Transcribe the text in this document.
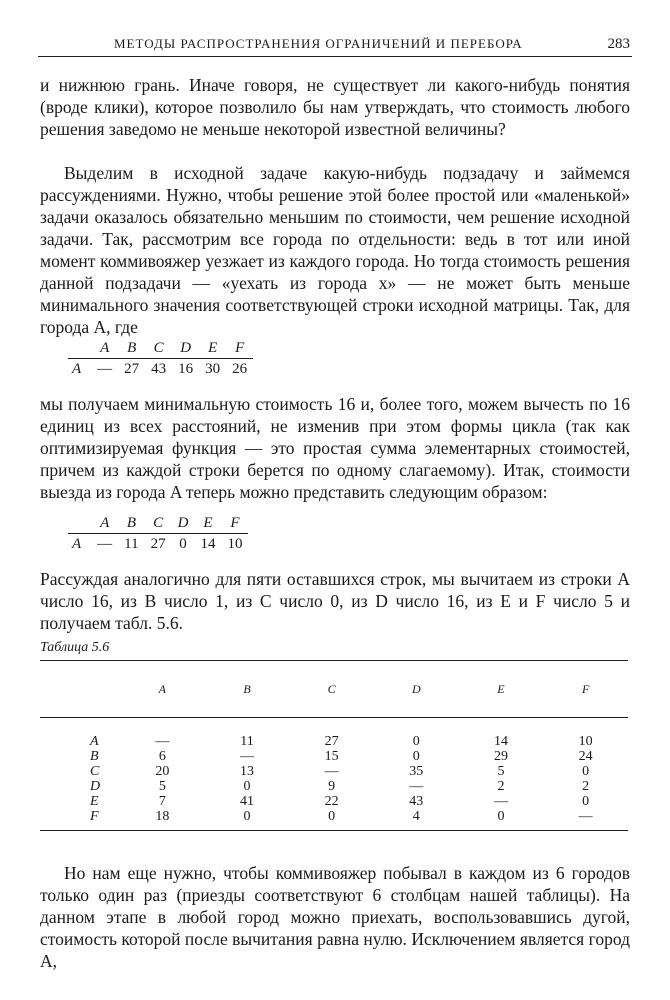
МЕТОДЫ РАСПРОСТРАНЕНИЯ ОГРАНИЧЕНИЙ И ПЕРЕБОРА	283

и нижнюю грань. Иначе говоря, не существует ли какого-нибудь понятия (вроде клики), которое позволило бы нам утверждать, что стоимость любого решения заведомо не меньше некоторой известной величины?

Выделим в исходной задаче какую-нибудь подзадачу и займемся рассуждениями. Нужно, чтобы решение этой более простой или «маленькой» задачи оказалось обязательно меньшим по стоимости, чем решение исходной задачи. Так, рассмотрим все города по отдельности: ведь в тот или иной момент коммивояжер уезжает из каждого города. Но тогда стоимость решения данной подзадачи — «уехать из города x» — не может быть меньше минимального значения соответствующей строки исходной матрицы. Так, для города A, где

	A	B	C	D	E	F
A	—	27	43	16	30	26

мы получаем минимальную стоимость 16 и, более того, можем вычесть по 16 единиц из всех расстояний, не изменив при этом формы цикла (так как оптимизируемая функция — это простая сумма элементарных стоимостей, причем из каждой строки берется по одному слагаемому). Итак, стоимости выезда из города A теперь можно представить следующим образом:

	A	B	C	D	E	F
A	—	11	27	0	14	10

Рассуждая аналогично для пяти оставшихся строк, мы вычитаем из строки A число 16, из B число 1, из C число 0, из D число 16, из E и F число 5 и получаем табл. 5.6.

Таблица 5.6
	A	B	C	D	E	F

A	—	11	27	0	14	10
B	6	—	15	0	29	24
C	20	13	—	35	5	0
D	5	0	9	—	2	2
E	7	41	22	43	—	0
F	18	0	0	4	0	—

Но нам еще нужно, чтобы коммивояжер побывал в каждом из 6 городов только один раз (приезды соответствуют 6 столбцам нашей таблицы). На данном этапе в любой город можно приехать, воспользовавшись дугой, стоимость которой после вычитания равна нулю. Исключением является город A,
